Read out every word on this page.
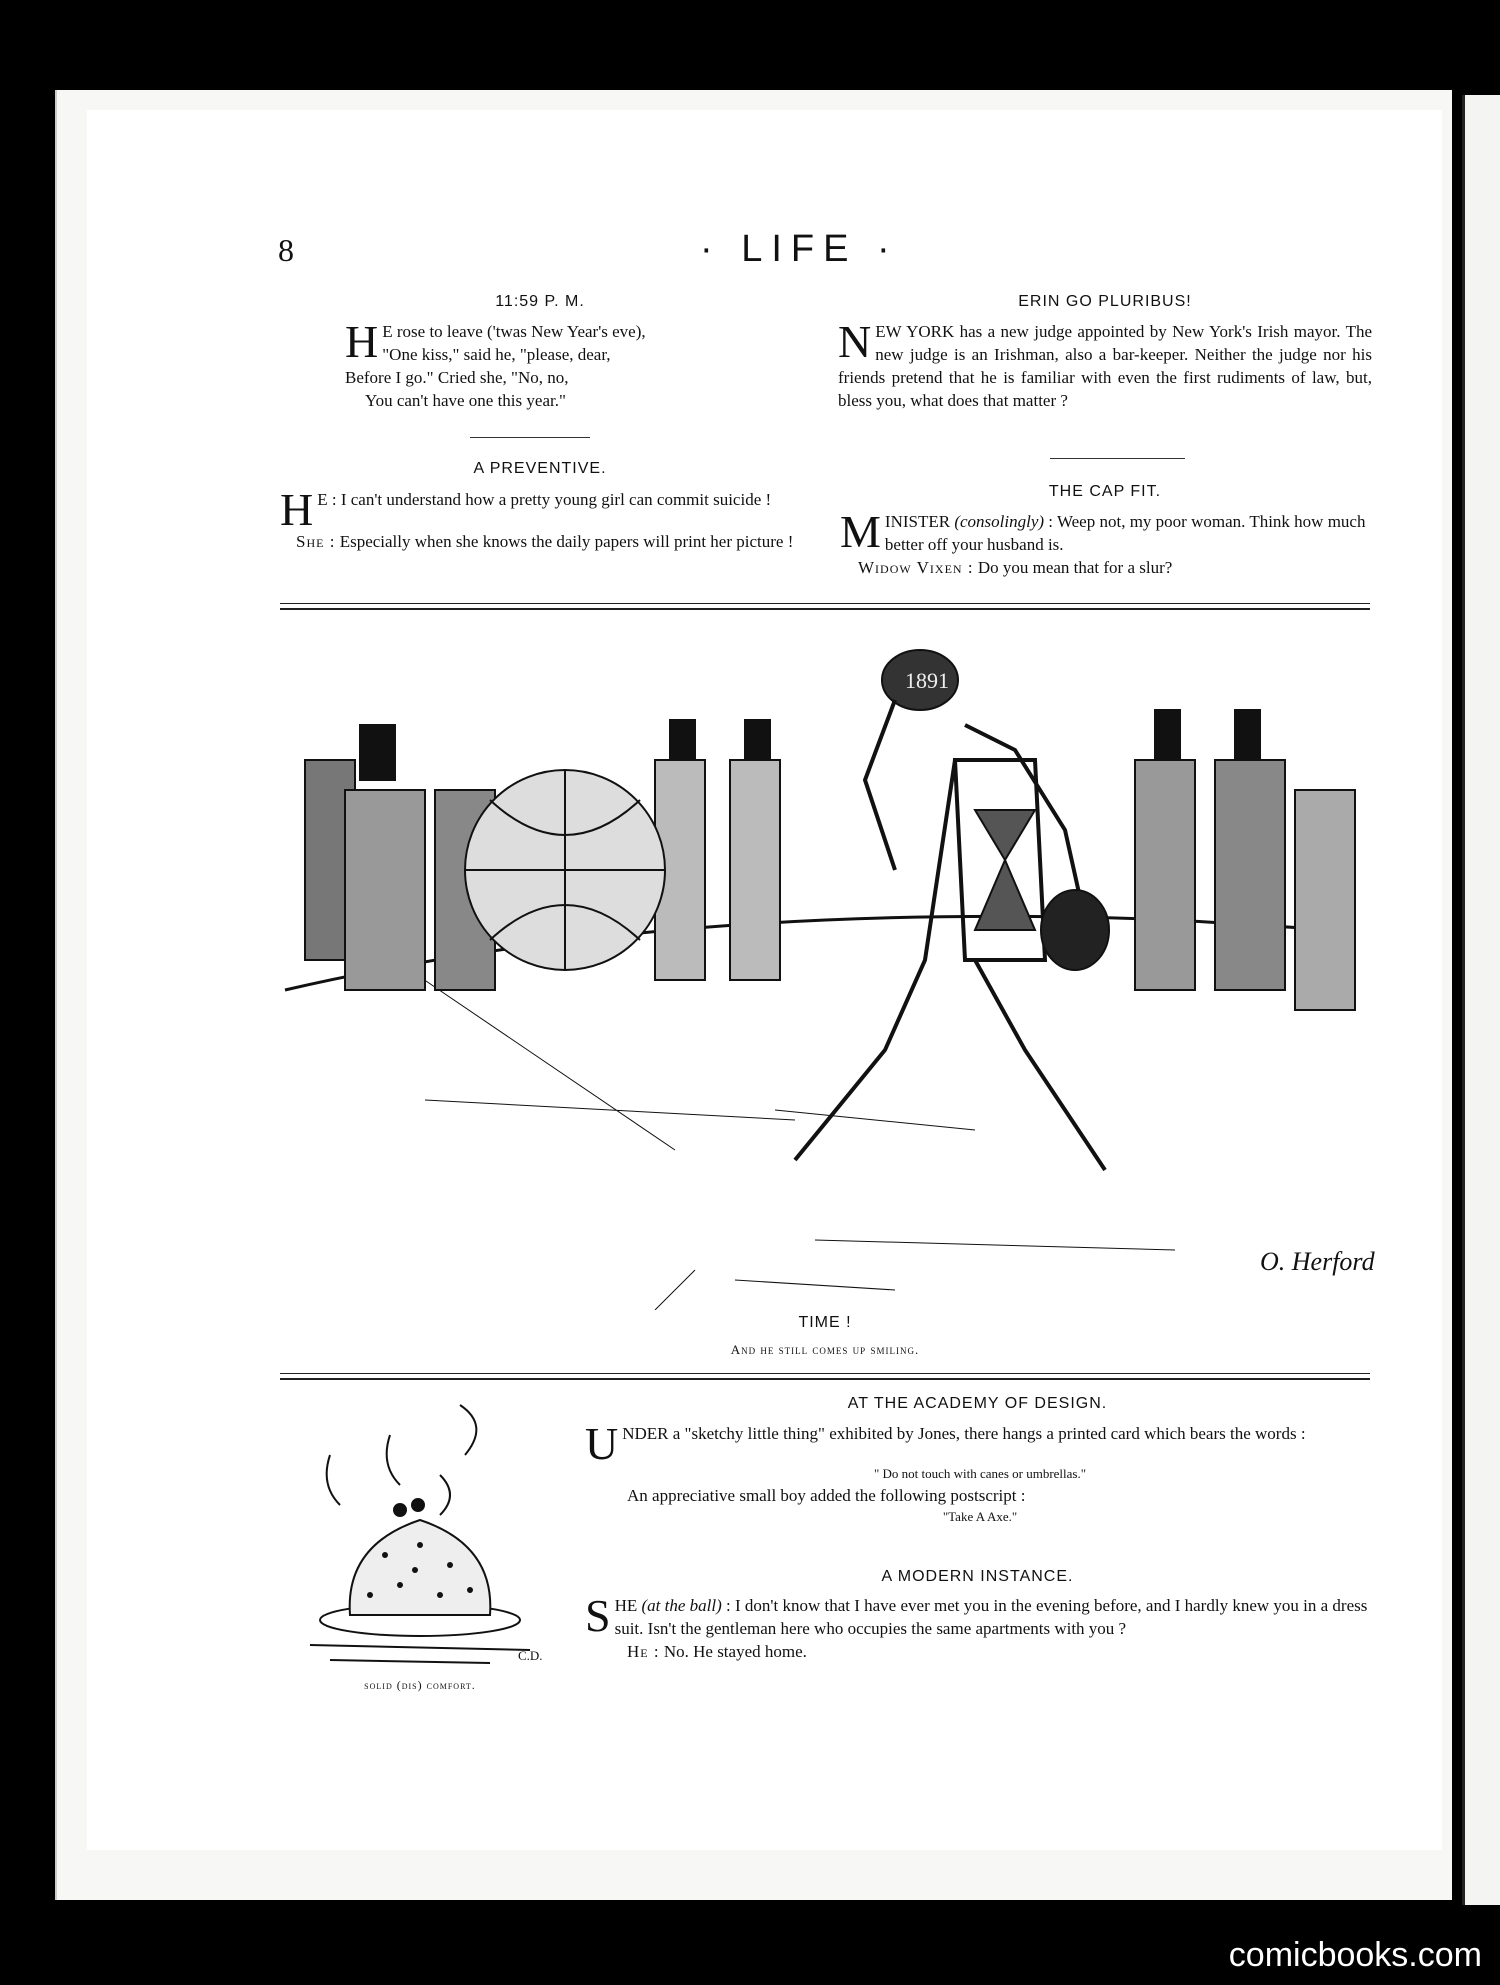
8	· LIFE ·
11:59 P. M.
H E rose to leave ('twas New Year's eve),
"One kiss," said he, "please, dear,
Before I go." Cried she, "No, no,
You can't have one this year."
A PREVENTIVE.
H E : I can't understand how a pretty young girl can commit suicide !
She : Especially when she knows the daily papers will print her picture !
ERIN GO PLURIBUS!
N EW YORK has a new judge appointed by New York's Irish mayor. The new judge is an Irishman, also a bar-keeper. Neither the judge nor his friends pretend that he is familiar with even the first rudiments of law, but, bless you, what does that matter ?
THE CAP FIT.
M INISTER (consolingly) : Weep not, my poor woman. Think how much better off your husband is.
Widow Vixen : Do you mean that for a slur?
1891
O. Herford
TIME !
And he still comes up smiling.
C.D.
solid (dis) comfort.
AT THE ACADEMY OF DESIGN.
U NDER a "sketchy little thing" exhibited by Jones, there hangs a printed card which bears the words :
" Do not touch with canes or umbrellas."
An appreciative small boy added the following postscript :
"Take A Axe."
A MODERN INSTANCE.
S HE (at the ball) : I don't know that I have ever met you in the evening before, and I hardly knew you in a dress suit. Isn't the gentleman here who occupies the same apartments with you ?
He : No. He stayed home.
comicbooks.com
